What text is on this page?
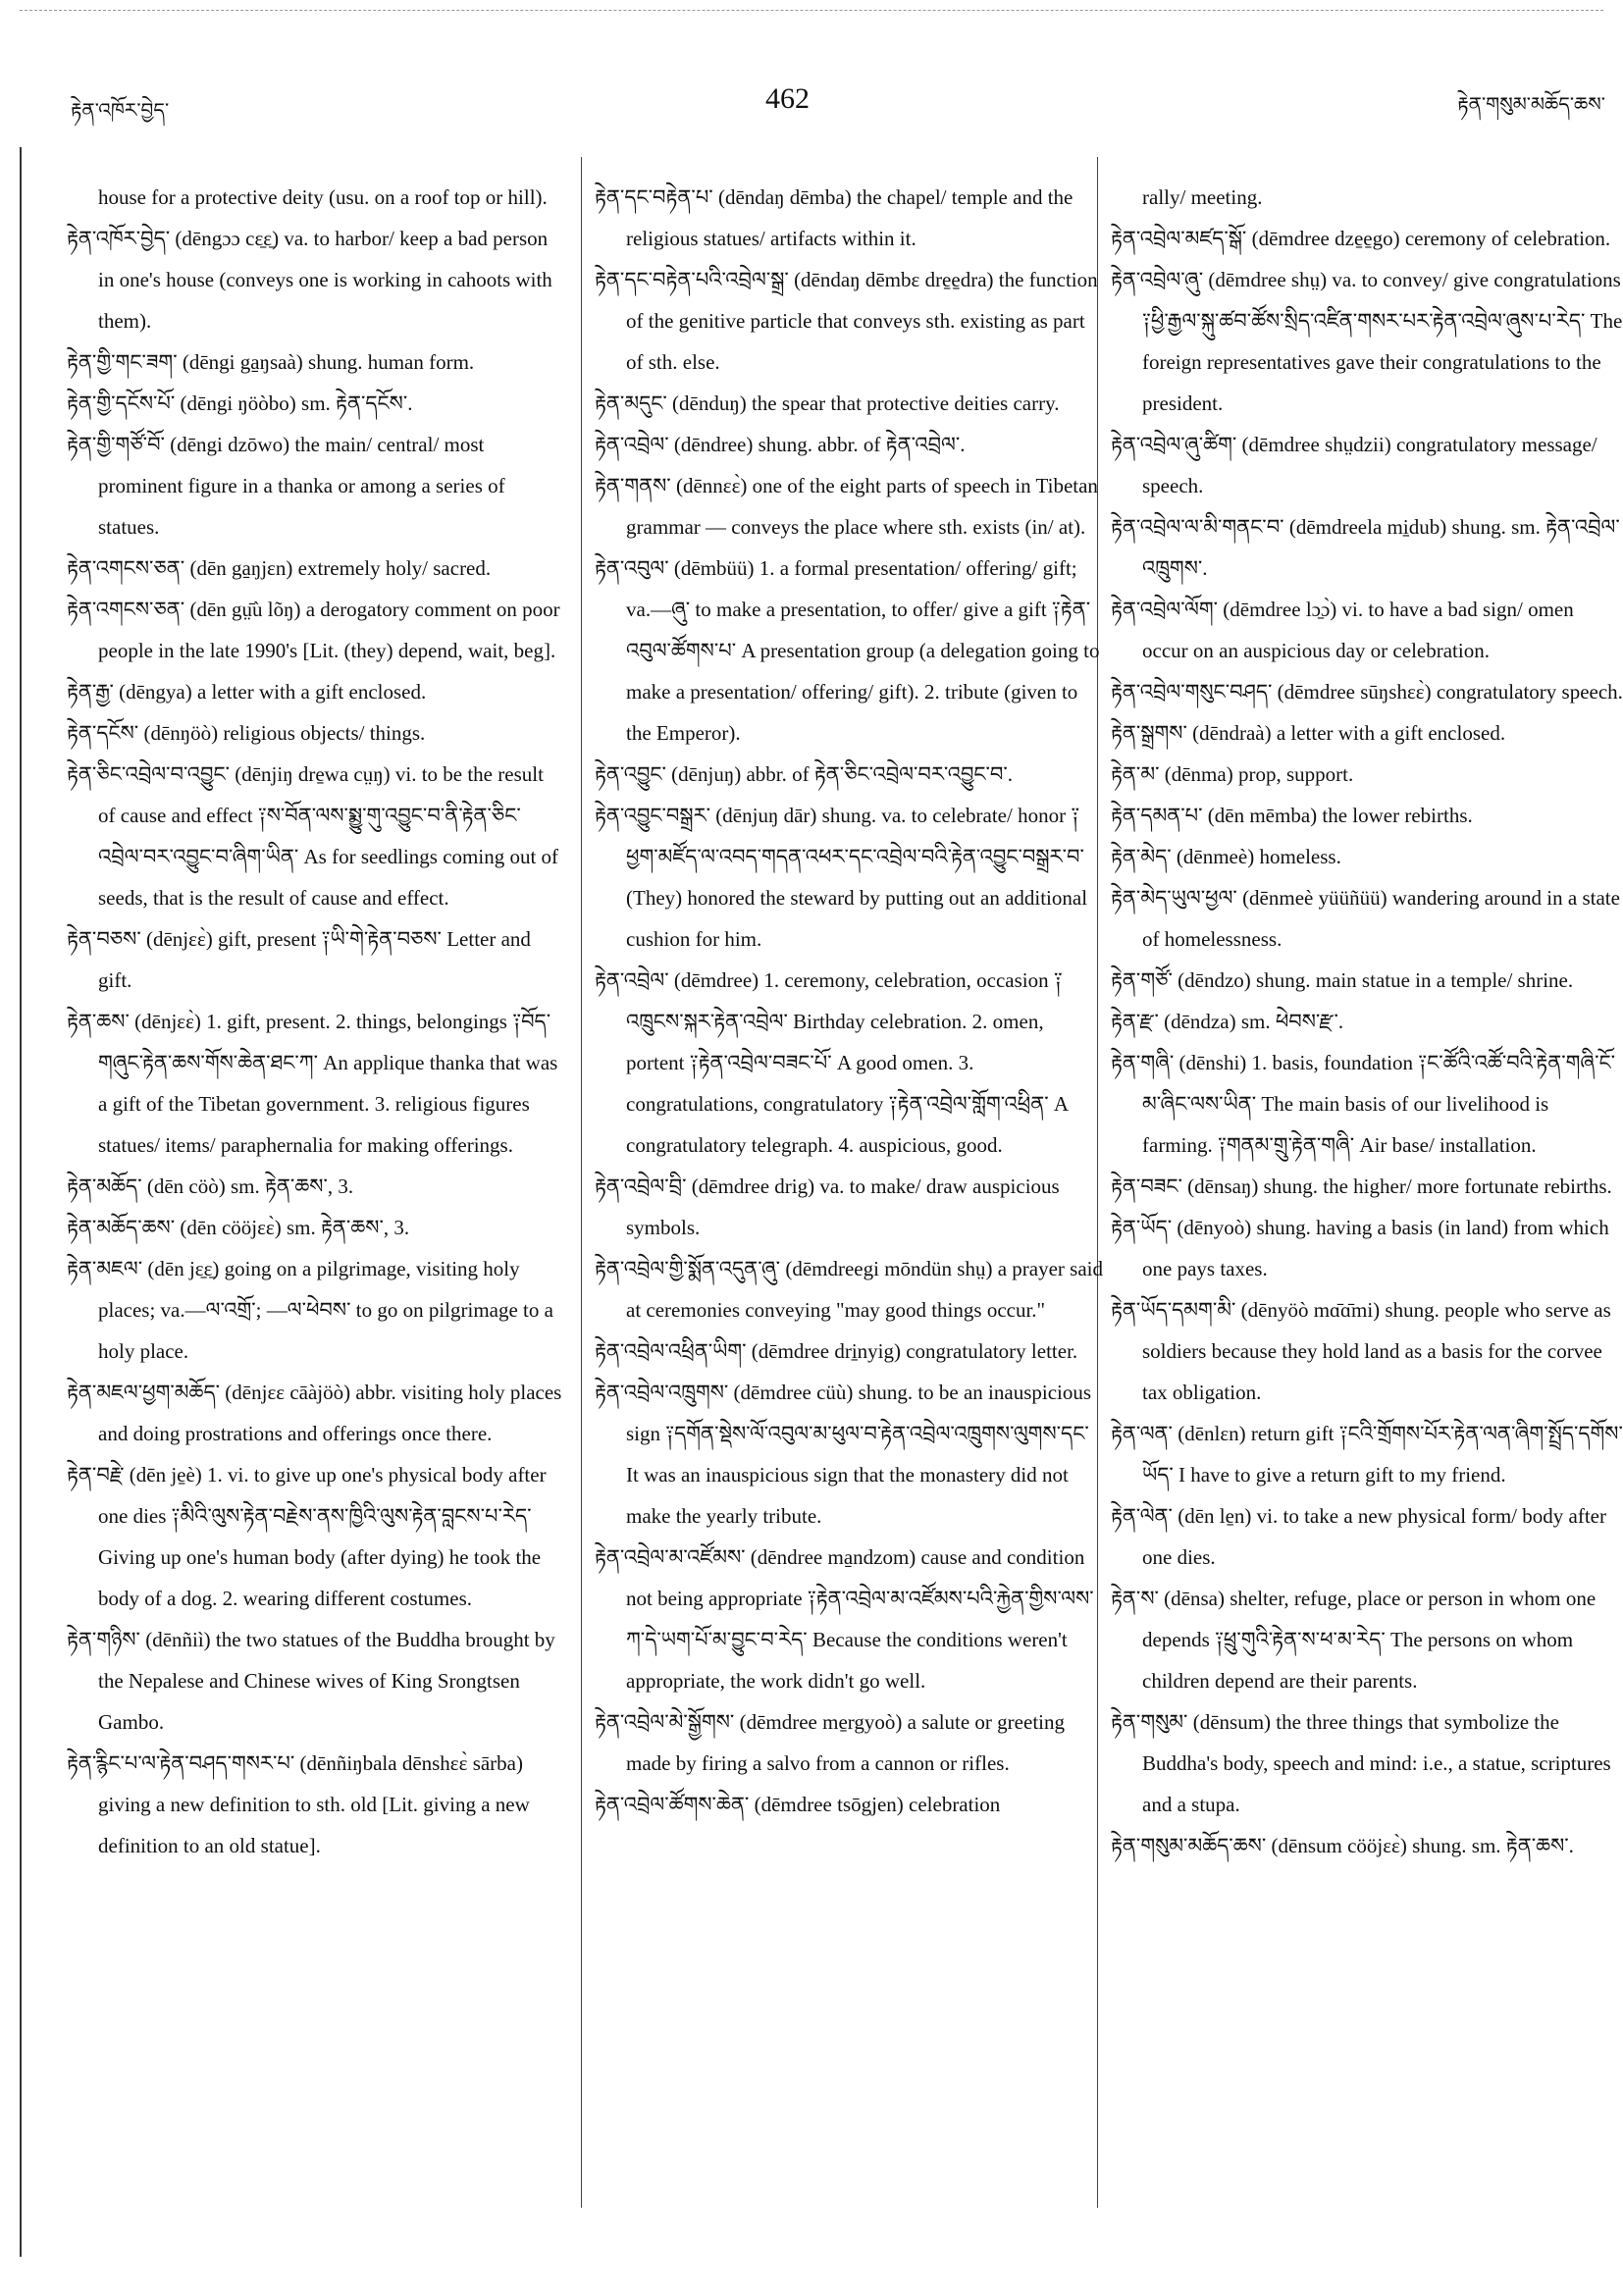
རྟེན་འཁོར་བྱེད་	462	རྟེན་གསུམ་མཆོད་ཆས་

house for a protective deity (usu. on a roof top or hill).

རྟེན་འཁོར་བྱེད་ (dēngɔɔ cɛ̱ɛ̱) va. to harbor/ keep a bad person in one's house (conveys one is working in cahoots with them).

རྟེན་གྱི་གང་ཟག་ (dēngi ga̱ŋsaà) shung. human form.

རྟེན་གྱི་དངོས་པོ་ (dēngi ŋöòbo) sm. རྟེན་དངོས་.

རྟེན་གྱི་གཙོ་བོ་ (dēngi dzōwo) the main/ central/ most prominent figure in a thanka or among a series of statues.

རྟེན་འགངས་ཅན་ (dēn ga̱ŋjɛn) extremely holy/ sacred.

རྟེན་འགངས་ཅན་ (dēn gṳ̄ù lõŋ) a derogatory comment on poor people in the late 1990's [Lit. (they) depend, wait, beg].

རྟེན་རྒྱ་ (dēngya) a letter with a gift enclosed.

རྟེན་དངོས་ (dēnŋöò) religious objects/ things.

རྟེན་ཅིང་འབྲེལ་བ་འབྱུང་ (dēnjiŋ dre̱wa cṳŋ) vi. to be the result of cause and effect ༑ས་བོན་ལས་སྨྱུ་གུ་འབྱུང་བ་ནི་རྟེན་ཅིང་འབྲེལ་བར་འབྱུང་བ་ཞིག་ཡིན་ As for seedlings coming out of seeds, that is the result of cause and effect.

རྟེན་བཅས་ (dēnjɛɛ̀) gift, present ༑ཡི་གེ་རྟེན་བཅས་ Letter and gift.

རྟེན་ཆས་ (dēnjɛɛ̀) 1. gift, present. 2. things, belongings ༑བོད་གཞུང་རྟེན་ཆས་གོས་ཆེན་ཐང་ཀ་ An applique thanka that was a gift of the Tibetan government. 3. religious figures statues/ items/ paraphernalia for making offerings.

རྟེན་མཆོད་ (dēn cöò) sm. རྟེན་ཆས་, 3.

རྟེན་མཆོད་ཆས་ (dēn cööjɛɛ̀) sm. རྟེན་ཆས་, 3.

རྟེན་མཇལ་ (dēn jɛ̱ɛ̱) going on a pilgrimage, visiting holy places; va.—ལ་འགྲོ་; —ལ་ཕེབས་ to go on pilgrimage to a holy place.

རྟེན་མཇལ་ཕྱག་མཆོད་ (dēnjɛɛ cāàjöò) abbr. visiting holy places and doing prostrations and offerings once there.

རྟེན་བརྗེ་ (dēn je̱è) 1. vi. to give up one's physical body after one dies ༑མིའི་ལུས་རྟེན་བརྗེས་ནས་ཁྱིའི་ལུས་རྟེན་བླངས་པ་རེད་ Giving up one's human body (after dying) he took the body of a dog. 2. wearing different costumes.

རྟེན་གཉིས་ (dēnñiì) the two statues of the Buddha brought by the Nepalese and Chinese wives of King Srongtsen Gambo.

རྟེན་རྙིང་པ་ལ་རྟེན་བཤད་གསར་པ་ (dēnñiŋbala dēnshɛɛ̀ sārba) giving a new definition to sth. old [Lit. giving a new definition to an old statue].

རྟེན་དང་བརྟེན་པ་ (dēndaŋ dēmba) the chapel/ temple and the religious statues/ artifacts within it.

རྟེན་དང་བརྟེན་པའི་འབྲེལ་སྒྲ་ (dēndaŋ dēmbɛ dre̱e̱dra) the function of the genitive particle that conveys sth. existing as part of sth. else.

རྟེན་མདུང་ (dēnduŋ) the spear that protective deities carry.

རྟེན་འབྲེལ་ (dēndree) shung. abbr. of རྟེན་འབྲེལ་.

རྟེན་གནས་ (dēnnɛɛ̀) one of the eight parts of speech in Tibetan grammar — conveys the place where sth. exists (in/ at).

རྟེན་འབུལ་ (dēmbüü) 1. a formal presentation/ offering/ gift; va.—ཞུ་ to make a presentation, to offer/ give a gift ༑རྟེན་འབུལ་ཚོགས་པ་ A presentation group (a delegation going to make a presentation/ offering/ gift). 2. tribute (given to the Emperor).

རྟེན་འབྱུང་ (dēnjuŋ) abbr. of རྟེན་ཅིང་འབྲེལ་བར་འབྱུང་བ་.

རྟེན་འབྱུང་བསྒྲར་ (dēnjuŋ dār) shung. va. to celebrate/ honor ༑ཕྱག་མཛོད་ལ་འབད་གདན་འཕར་དང་འབྲེལ་བའི་རྟེན་འབྱུང་བསྒྲར་བ་ (They) honored the steward by putting out an additional cushion for him.

རྟེན་འབྲེལ་ (dēmdree) 1. ceremony, celebration, occasion ༑འཁྲུངས་སྐར་རྟེན་འབྲེལ་ Birthday celebration. 2. omen, portent ༑རྟེན་འབྲེལ་བཟང་པོ་ A good omen. 3. congratulations, congratulatory ༑རྟེན་འབྲེལ་གློག་འཕྲིན་ A congratulatory telegraph. 4. auspicious, good.

རྟེན་འབྲེལ་བྲི་ (dēmdree drig) va. to make/ draw auspicious symbols.

རྟེན་འབྲེལ་གྱི་སྨོན་འདུན་ཞུ་ (dēmdreegi mōndün shṳ) a prayer said at ceremonies conveying "may good things occur."

རྟེན་འབྲེལ་འཕྲིན་ཡིག་ (dēmdree dri̱nyig) congratulatory letter.

རྟེན་འབྲེལ་འཁྲུགས་ (dēmdree cüù) shung. to be an inauspicious sign ༑དགོན་སྡེས་ལོ་འབུལ་མ་ཕུལ་བ་རྟེན་འབྲེལ་འཁྲུགས་ལུགས་དང་ It was an inauspicious sign that the monastery did not make the yearly tribute.

རྟེན་འབྲེལ་མ་འཛོམས་ (dēndree ma̱ndzom) cause and condition not being appropriate ༑རྟེན་འབྲེལ་མ་འཛོམས་པའི་རྐྱེན་གྱིས་ལས་ཀ་དེ་ཡག་པོ་མ་བྱུང་བ་རེད་ Because the conditions weren't appropriate, the work didn't go well.

རྟེན་འབྲེལ་མེ་སྒྱོགས་ (dēmdree me̱rgyoò) a salute or greeting made by firing a salvo from a cannon or rifles.

རྟེན་འབྲེལ་ཚོགས་ཆེན་ (dēmdree tsōgjen) celebration

rally/ meeting.

རྟེན་འབྲེལ་མཛད་སྒོ་ (dēmdree dze̱e̱go) ceremony of celebration.

རྟེན་འབྲེལ་ཞུ་ (dēmdree shṳ) va. to convey/ give congratulations ༑ཕྱི་རྒྱལ་སྐུ་ཚབ་ཚོས་སྲིད་འཛིན་གསར་པར་རྟེན་འབྲེལ་ཞུས་པ་རེད་ The foreign representatives gave their congratulations to the president.

རྟེན་འབྲེལ་ཞུ་ཚིག་ (dēmdree shṳdzii) congratulatory message/ speech.

རྟེན་འབྲེལ་ལ་མི་གནང་བ་ (dēmdreela mi̱dub) shung. sm. རྟེན་འབྲེལ་འཁྲུགས་.

རྟེན་འབྲེལ་ལོག་ (dēmdree lɔ̱ɔ̀) vi. to have a bad sign/ omen occur on an auspicious day or celebration.

རྟེན་འབྲེལ་གསུང་བཤད་ (dēmdree sūŋshɛɛ̀) congratulatory speech.

རྟེན་སྒྲགས་ (dēndraà) a letter with a gift enclosed.

རྟེན་མ་ (dēnma) prop, support.

རྟེན་དམན་པ་ (dēn mēmba) the lower rebirths.

རྟེན་མེད་ (dēnmeè) homeless.

རྟེན་མེད་ཡུལ་ཕྱལ་ (dēnmeè yüüñüü) wandering around in a state of homelessness.

རྟེན་གཙོ་ (dēndzo) shung. main statue in a temple/ shrine.

རྟེན་རྫ་ (dēndza) sm. ཕེབས་རྫ་.

རྟེན་གཞི་ (dēnshi) 1. basis, foundation ༑ང་ཚོའི་འཚོ་བའི་རྟེན་གཞི་ངོ་མ་ཞིང་ལས་ཡིན་ The main basis of our livelihood is farming. ༑གནམ་གྲུ་རྟེན་གཞི་ Air base/ installation.

རྟེན་བཟང་ (dēnsaŋ) shung. the higher/ more fortunate rebirths.

རྟེན་ཡོད་ (dēnyoò) shung. having a basis (in land) from which one pays taxes.

རྟེན་ཡོད་དམག་མི་ (dēnyöò mɑ̄ɑ̄mi) shung. people who serve as soldiers because they hold land as a basis for the corvee tax obligation.

རྟེན་ལན་ (dēnlɛn) return gift ༑ངའི་གྲོགས་པོར་རྟེན་ལན་ཞིག་སྤྲོད་དགོས་ཡོད་ I have to give a return gift to my friend.

རྟེན་ལེན་ (dēn le̱n) vi. to take a new physical form/ body after one dies.

རྟེན་ས་ (dēnsa) shelter, refuge, place or person in whom one depends ༑ཕྲུ་གུའི་རྟེན་ས་ཕ་མ་རེད་ The persons on whom children depend are their parents.

རྟེན་གསུམ་ (dēnsum) the three things that symbolize the Buddha's body, speech and mind: i.e., a statue, scriptures and a stupa.

རྟེན་གསུམ་མཆོད་ཆས་ (dēnsum cööjɛɛ̀) shung. sm. རྟེན་ཆས་.
